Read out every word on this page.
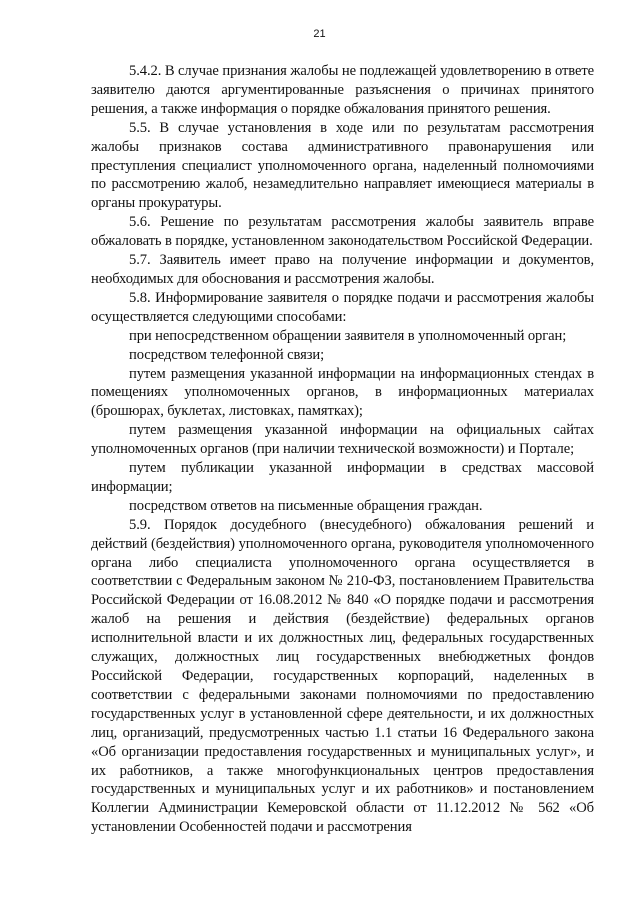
21

5.4.2. В случае признания жалобы не подлежащей удовлетворению в ответе заявителю даются аргументированные разъяснения о причинах принятого решения, а также информация о порядке обжалования принятого решения.

5.5. В случае установления в ходе или по результатам рассмотрения жалобы признаков состава административного правонарушения или преступления специалист уполномоченного органа, наделенный полномочиями по рассмотрению жалоб, незамедлительно направляет имеющиеся материалы в органы прокуратуры.

5.6. Решение по результатам рассмотрения жалобы заявитель вправе обжаловать в порядке, установленном законодательством Российской Федерации.

5.7. Заявитель имеет право на получение информации и документов, необходимых для обоснования и рассмотрения жалобы.

5.8. Информирование заявителя о порядке подачи и рассмотрения жалобы осуществляется следующими способами:

при непосредственном обращении заявителя в уполномоченный орган;

посредством телефонной связи;

путем размещения указанной информации на информационных стендах в помещениях уполномоченных органов, в информационных материалах (брошюрах, буклетах, листовках, памятках);

путем размещения указанной информации на официальных сайтах уполномоченных органов (при наличии технической возможности) и Портале;

путем публикации указанной информации в средствах массовой информации;

посредством ответов на письменные обращения граждан.

5.9. Порядок досудебного (внесудебного) обжалования решений и действий (бездействия) уполномоченного органа, руководителя уполномоченного органа либо специалиста уполномоченного органа осуществляется в соответствии с Федеральным законом № 210-ФЗ, постановлением Правительства Российской Федерации от 16.08.2012 № 840 «О порядке подачи и рассмотрения жалоб на решения и действия (бездействие) федеральных органов исполнительной власти и их должностных лиц, федеральных государственных служащих, должностных лиц государственных внебюджетных фондов Российской Федерации, государственных корпораций, наделенных в соответствии с федеральными законами полномочиями по предоставлению государственных услуг в установленной сфере деятельности, и их должностных лиц, организаций, предусмотренных частью 1.1 статьи 16 Федерального закона «Об организации предоставления государственных и муниципальных услуг», и их работников, а также многофункциональных центров предоставления государственных и муниципальных услуг и их работников» и постановлением Коллегии Администрации Кемеровской области от 11.12.2012 № 562 «Об установлении Особенностей подачи и рассмотрения
